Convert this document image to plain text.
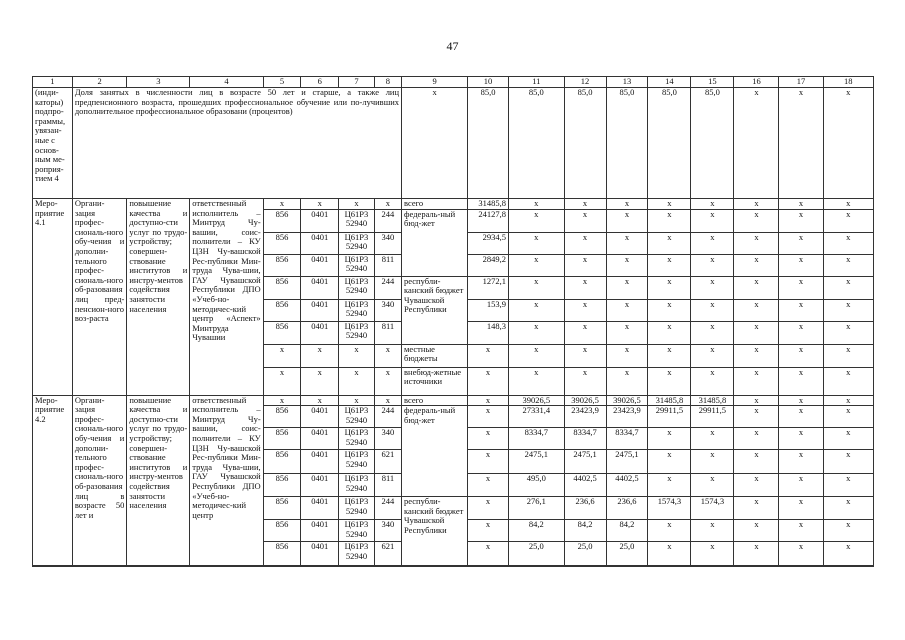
47
1	2	3	4	5	6	7	8	9	10	11	12	13	14	15	16	17	18
(инди-каторы) подпро-граммы, увязан-ные с основ-ным ме-роприя-тием 4	Доля занятых в численности лиц в возрасте 50 лет и старше, а также лиц предпенсионного возраста, прошедших профессиональное обучение или по-лучивших дополнительное профессиональное образовани (процентов)							x	85,0	85,0	85,0	85,0	85,0	85,0	x	x	x
Меро-приятие 4.1	Органи-зация профес-сиональ-ного обу-чения и дополни-тельного профес-сиональ-ного об-разования лиц пред-пенсион-ного воз-раста	повышение качества и доступно-сти услуг по трудо-устройству; совершен-ствование институтов и инстру-ментов содействия занятости населения	ответственный исполнитель – Минтруд Чу-вашии, соис-полнители – КУ ЦЗН Чу-вашской Рес-публики Мин-труда Чува-шии, ГАУ Чувашской Республики ДПО «Учеб-но-методичес-кий центр «Аспект» Минтруда Чувашии	x	x	x	x	всего	31485,8	x	x	x	x	x	x	x	x
				856	0401	Ц61Р3 52940	244	федераль-ный бюд-жет	24127,8	x	x	x	x	x	x	x	x
				856	0401	Ц61Р3 52940	340		2934,5	x	x	x	x	x	x	x	x
				856	0401	Ц61Р3 52940	811		2849,2	x	x	x	x	x	x	x	x
				856	0401	Ц61Р3 52940	244	республи-канский бюджет Чувашской Республики	1272,1	x	x	x	x	x	x	x	x
				856	0401	Ц61Р3 52940	340		153,9	x	x	x	x	x	x	x	x
				856	0401	Ц61Р3 52940	811		148,3	x	x	x	x	x	x	x	x
				x	x	x	x	местные бюджеты	x	x	x	x	x	x	x	x	x
				x	x	x	x	внебюд-жетные источники	x	x	x	x	x	x	x	x	x
Меро-приятие 4.2	Органи-зация профес-сиональ-ного обу-чения и дополни-тельного профес-сиональ-ного об-разования лиц в возрасте 50 лет и	повышение качества и доступно-сти услуг по трудо-устройству; совершен-ствование институтов и инстру-ментов содействия занятости населения	ответственный исполнитель – Минтруд Чу-вашии, соис-полнители – КУ ЦЗН Чу-вашской Рес-публики Мин-труда Чува-шии, ГАУ Чувашской Республики ДПО «Учеб-но-методичес-кий центр	x	x	x	x	всего	x	39026,5	39026,5	39026,5	31485,8	31485,8	x	x	x
				856	0401	Ц61Р3 52940	244	федераль-ный бюд-жет	x	27331,4	23423,9	23423,9	29911,5	29911,5	x	x	x
				856	0401	Ц61Р3 52940	340		x	8334,7	8334,7	8334,7	x	x	x	x	x
				856	0401	Ц61Р3 52940	621		x	2475,1	2475,1	2475,1	x	x	x	x	x
				856	0401	Ц61Р3 52940	811		x	495,0	4402,5	4402,5	x	x	x	x	x
				856	0401	Ц61Р3 52940	244	республи-канский бюджет Чувашской Республики	x	276,1	236,6	236,6	1574,3	1574,3	x	x	x
				856	0401	Ц61Р3 52940	340		x	84,2	84,2	84,2	x	x	x	x	x
				856	0401	Ц61Р3 52940	621		x	25,0	25,0	25,0	x	x	x	x	x
